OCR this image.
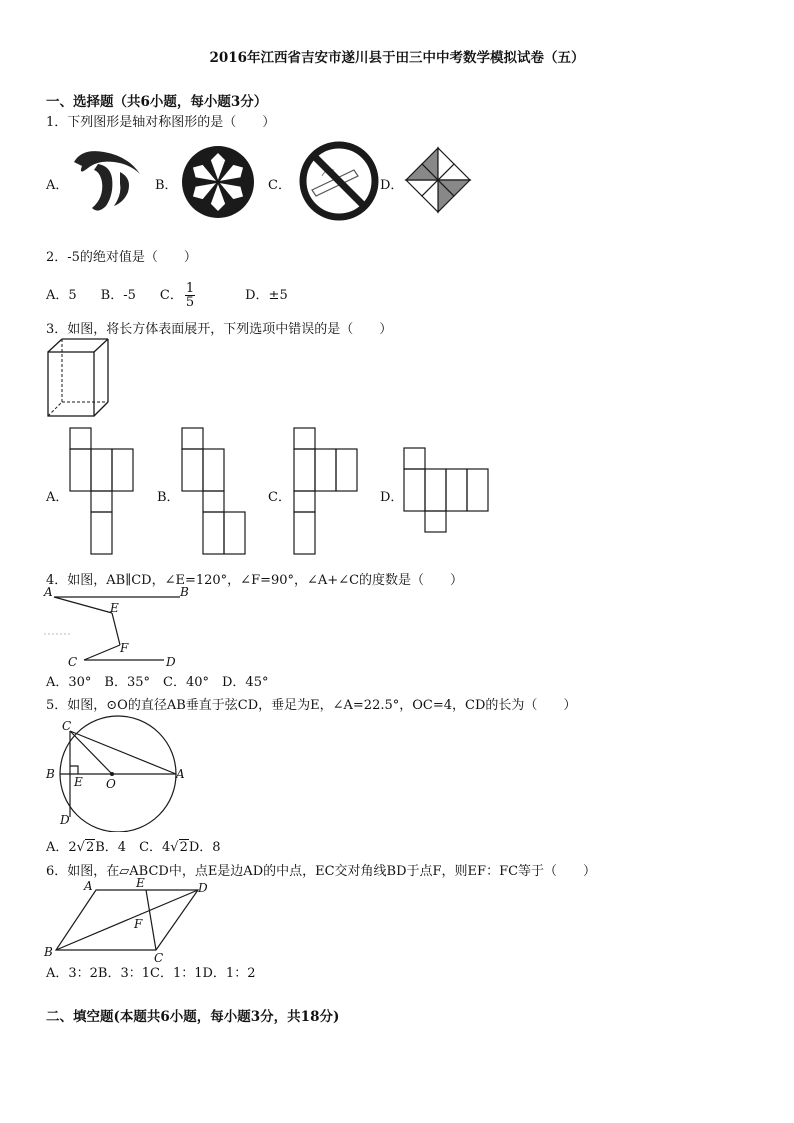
2016年江西省吉安市遂川县于田三中中考数学模拟试卷（五）
一、选择题（共6小题，每小题3分）
1．下列图形是轴对称图形的是（　　）
A．	B．	C．	D．
2．-5的绝对值是（　　）
A．5 B．-5 C． $\frac{1}{5}$	D．±5
3．如图，将长方体表面展开，下列选项中错误的是（　　）
A．	B．	C．	D．
4．如图，AB∥CD，∠E=120°，∠F=90°，∠A+∠C的度数是（　　）
A	B
E
F
C	D
A．30°　B．35°　C．40°　D．45°
5．如图，⊙O的直径AB垂直于弦CD，垂足为E，∠A=22.5°，OC=4，CD的长为（　　）
C
B
E O
A
D
A．2√2B．4　C．4√2D．8
6．如图，在▱ABCD中，点E是边AD的中点，EC交对角线BD于点F，则EF：FC等于（　　）
A	E	D
F
B	C
A．3：2B．3：1C．1：1D．1：2
二、填空题(本题共6小题，每小题3分，共18分)
